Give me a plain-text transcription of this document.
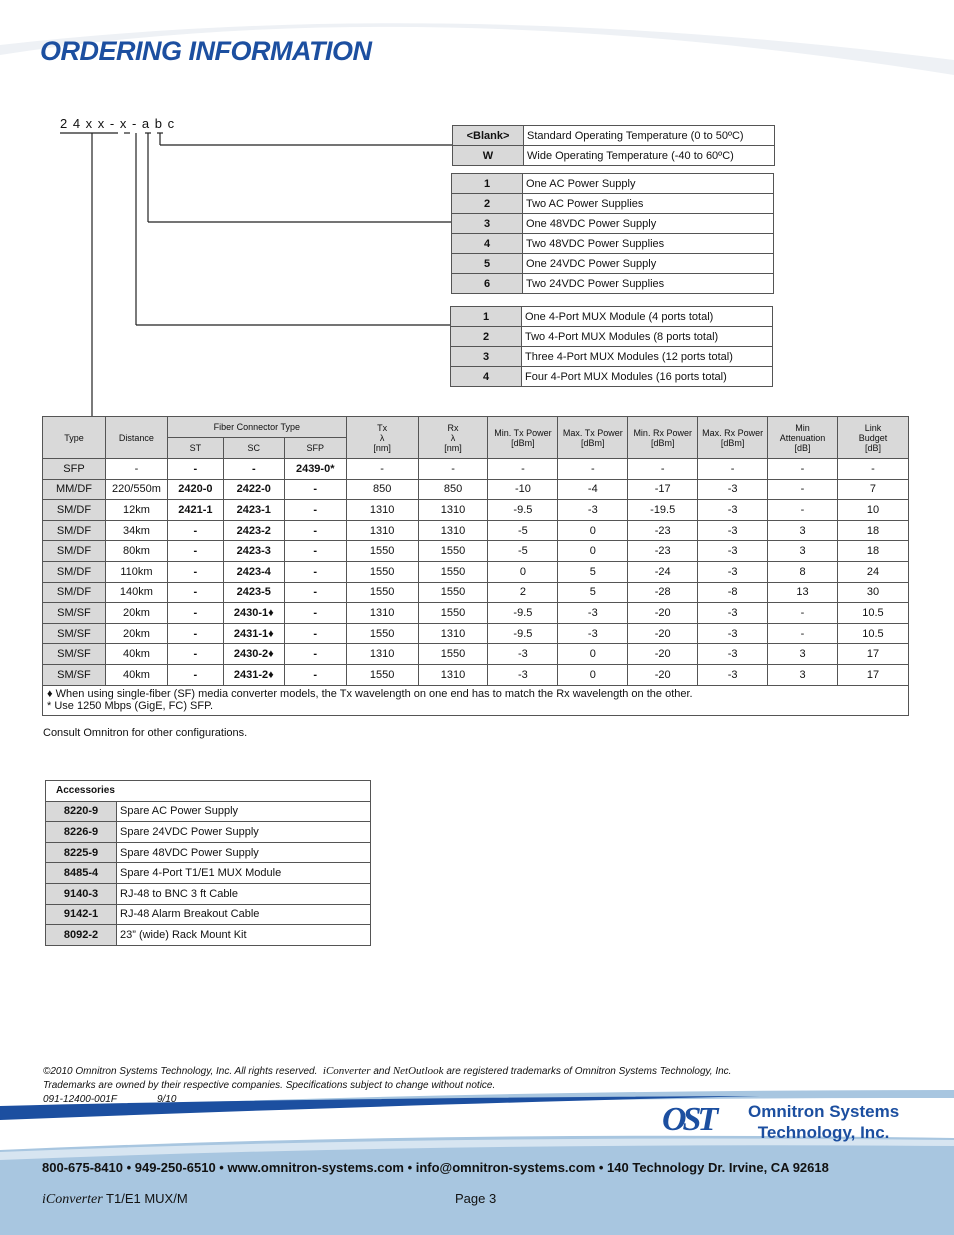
ORDERING INFORMATION
2 4 x x - x - a b c
<Blank>	Standard Operating Temperature (0 to 50ºC)
W	Wide Operating Temperature (-40 to 60ºC)
1	One AC Power Supply
2	Two AC Power Supplies
3	One 48VDC Power Supply
4	Two 48VDC Power Supplies
5	One 24VDC Power Supply
6	Two 24VDC Power Supplies
1	One 4-Port MUX Module (4 ports total)
2	Two 4-Port MUX Modules (8 ports total)
3	Three 4-Port MUX Modules (12 ports total)
4	Four 4-Port MUX Modules (16 ports total)
Type	Distance	Fiber Connector Type			Tx
λ
[nm]	Rx
λ
[nm]	Min. Tx Power
[dBm]	Max. Tx Power
[dBm]	Min. Rx Power
[dBm]	Max. Rx Power
[dBm]	Min
Attenuation
[dB]	Link
Budget
[dB]
		ST	SC	SFP								
SFP	-	-	-	2439-0*	-	-	-	-	-	-	-	-
MM/DF	220/550m	2420-0	2422-0	-	850	850	-10	-4	-17	-3	-	7
SM/DF	12km	2421-1	2423-1	-	1310	1310	-9.5	-3	-19.5	-3	-	10
SM/DF	34km	-	2423-2	-	1310	1310	-5	0	-23	-3	3	18
SM/DF	80km	-	2423-3	-	1550	1550	-5	0	-23	-3	3	18
SM/DF	110km	-	2423-4	-	1550	1550	0	5	-24	-3	8	24
SM/DF	140km	-	2423-5	-	1550	1550	2	5	-28	-8	13	30
SM/SF	20km	-	2430-1♦	-	1310	1550	-9.5	-3	-20	-3	-	10.5
SM/SF	20km	-	2431-1♦	-	1550	1310	-9.5	-3	-20	-3	-	10.5
SM/SF	40km	-	2430-2♦	-	1310	1550	-3	0	-20	-3	3	17
SM/SF	40km	-	2431-2♦	-	1550	1310	-3	0	-20	-3	3	17

♦ When using single-fiber (SF) media converter models, the Tx wavelength on one end has to match the Rx wavelength on the other.
* Use 1250 Mbps (GigE, FC) SFP.												
Consult Omnitron for other configurations.
Accessories	
8220-9	Spare AC Power Supply
8226-9	Spare 24VDC Power Supply
8225-9	Spare 48VDC Power Supply
8485-4	Spare 4-Port T1/E1 MUX Module
9140-3	RJ-48 to BNC 3 ft Cable
9142-1	RJ-48 Alarm Breakout Cable
8092-2	23” (wide) Rack Mount Kit
©2010 Omnitron Systems Technology, Inc. All rights reserved. iConverter and NetOutlook are registered trademarks of Omnitron Systems Technology, Inc.
Trademarks are owned by their respective companies. Specifications subject to change without notice.
091-12400-001F	9/10
OST Omnitron Systems
Technology, Inc.
800-675-8410 • 949-250-6510 • www.omnitron-systems.com • info@omnitron-systems.com • 140 Technology Dr. Irvine, CA 92618
iConverter T1/E1 MUX/M	Page 3
